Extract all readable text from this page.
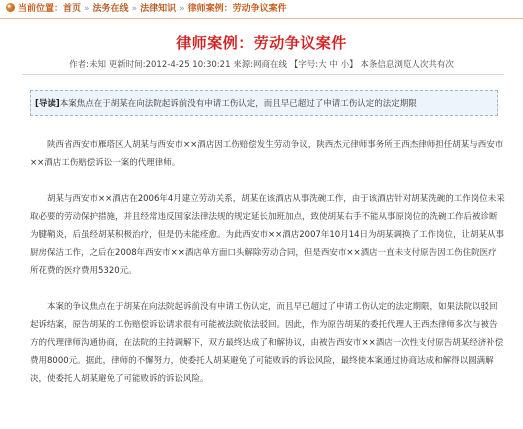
当前位置：首页 » 法务在线 » 法律知识 » 律师案例：劳动争议案件
律师案例：劳动争议案件
作者:未知 更新时间:2012-4-25 10:30:21 来源:网商在线 【字号:大 中 小】 本条信息浏览人次共有次
[导读]本案焦点在于胡某在向法院起诉前没有申请工伤认定，而且早已超过了申请工伤认定的法定期限

陕西省西安市雁塔区人胡某与西安市××酒店因工伤赔偿发生劳动争议，陕西杰元律师事务所王西杰律师担任胡某与西安市××酒店工伤赔偿诉讼一案的代理律师。

胡某与西安市××酒店在2006年4月建立劳动关系，胡某在该酒店从事洗碗工作，由于该酒店针对胡某洗碗的工作岗位未采取必要的劳动保护措施，并且经常违反国家法律法规的规定延长加班加点，致使胡某右手不能从事原岗位的洗碗工作后被诊断为腱鞘炎，后虽经胡某积极治疗，但是仍未能痊愈。为此西安市××酒店2007年10月14日为胡某调换了工作岗位，让胡某从事厨房保洁工作，之后在2008年西安市××酒店单方面口头解除劳动合同，但是西安市××酒店一直未支付原告因工伤住院医疗所花费的医疗费用5320元。

本案的争议焦点在于胡某在向法院起诉前没有申请工伤认定，而且早已超过了申请工伤认定的法定期限，如果法院以驳回起诉结案，原告胡某的工伤赔偿诉讼请求很有可能被法院依法驳回。因此，作为原告胡某的委托代理人王西杰律师多次与被告方的代理律师沟通协商，在法院的主持调解下，双方最终达成了和解协议，由被告西安市××酒店一次性支付原告胡某经济补偿费用8000元。据此，律师的不懈努力，使委托人胡某避免了可能败诉的诉讼风险，最终使本案通过协商达成和解得以圆满解决，使委托人胡某避免了可能败诉的诉讼风险。
